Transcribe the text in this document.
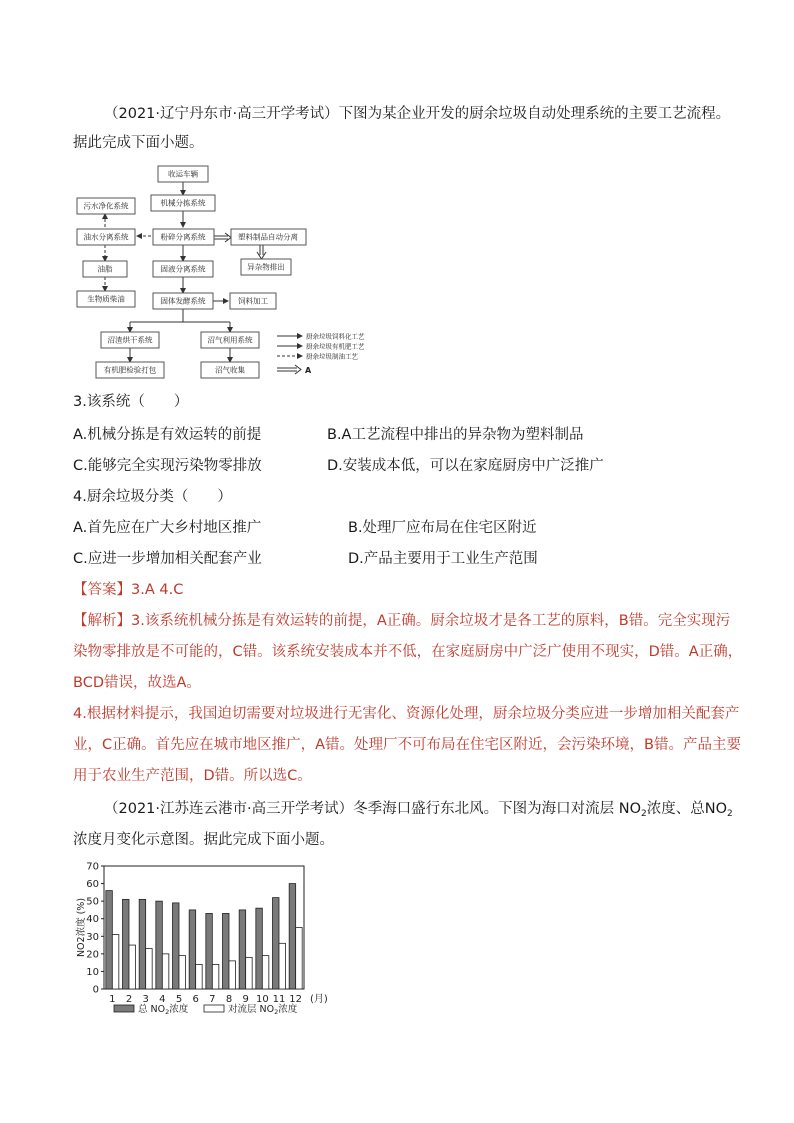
（2021·辽宁丹东市·高三开学考试）下图为某企业开发的厨余垃圾自动处理系统的主要工艺流程。
据此完成下面小题。
收运车辆
机械分拣系统
污水净化系统
油水分离系统	粉碎分离系统	塑料制品自动分离
油脂	异杂物排出
固液分离系统
生物质柴油	固体发酵系统	饲料加工
沼渣烘干系统	沼气利用系统
有机肥检验打包	沼气收集
厨余垃圾饲料化工艺
厨余垃圾有机肥工艺
厨余垃圾制油工艺
A
3.该系统（　　）
A.机械分拣是有效运转的前提	B.A工艺流程中排出的异杂物为塑料制品
C.能够完全实现污染物零排放	D.安装成本低，可以在家庭厨房中广泛推广
4.厨余垃圾分类（　　）
A.首先应在广大乡村地区推广	B.处理厂应布局在住宅区附近
C.应进一步增加相关配套产业	D.产品主要用于工业生产范围
【答案】3.A 4.C
【解析】3.该系统机械分拣是有效运转的前提，A正确。厨余垃圾才是各工艺的原料，B错。完全实现污
染物零排放是不可能的，C错。该系统安装成本并不低，在家庭厨房中广泛广使用不现实，D错。A正确，
BCD错误，故选A。
4.根据材料提示，我国迫切需要对垃圾进行无害化、资源化处理，厨余垃圾分类应进一步增加相关配套产
业，C正确。首先应在城市地区推广，A错。处理厂不可布局在住宅区附近，会污染环境，B错。产品主要
用于农业生产范围，D错。所以选C。
（2021·江苏连云港市·高三开学考试）冬季海口盛行东北风。下图为海口对流层 $NO_2$浓度、总$NO_2$
浓度月变化示意图。据此完成下面小题。
0
10
20
30
40
50
60
70
NO2浓度 (%)
1 2 3 4 5 6 7 8 9 10 11 12 (月)
总 $NO_2$浓度	对流层 $NO_2$浓度
